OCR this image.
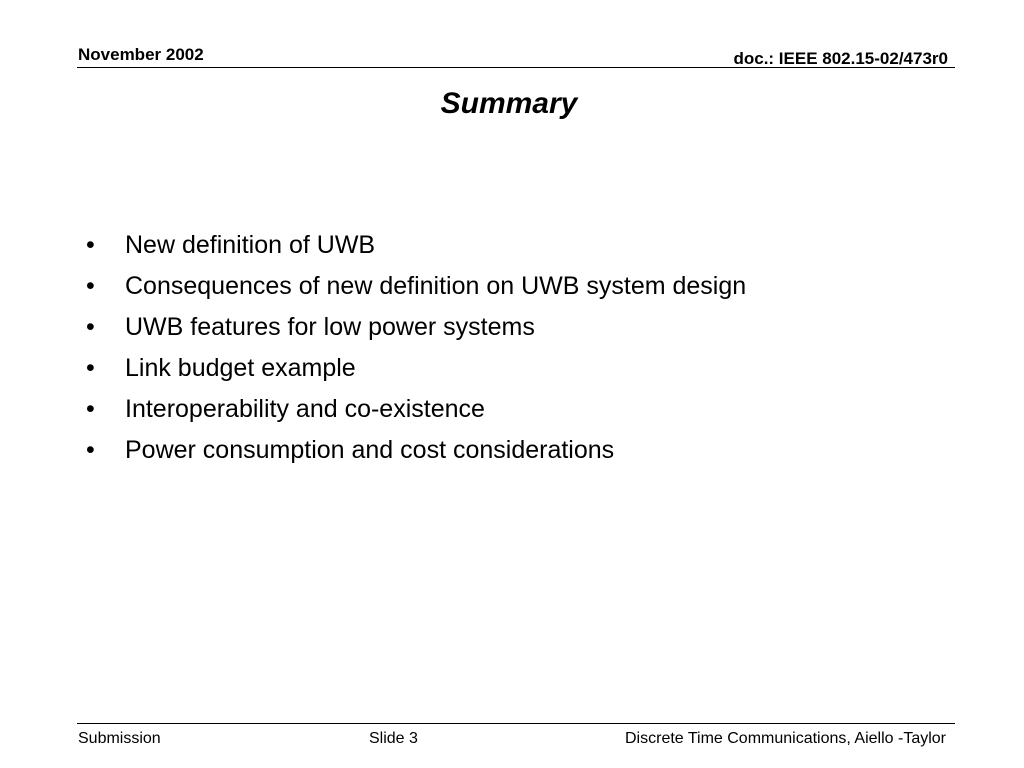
November 2002	doc.: IEEE 802.15-02/473r0
Summary
•	New definition of UWB
•	Consequences of new definition on UWB system design
•	UWB features for low power systems
•	Link budget example
•	Interoperability and co-existence
•	Power consumption and cost considerations
Submission	Slide 3	Discrete Time Communications, Aiello -Taylor
